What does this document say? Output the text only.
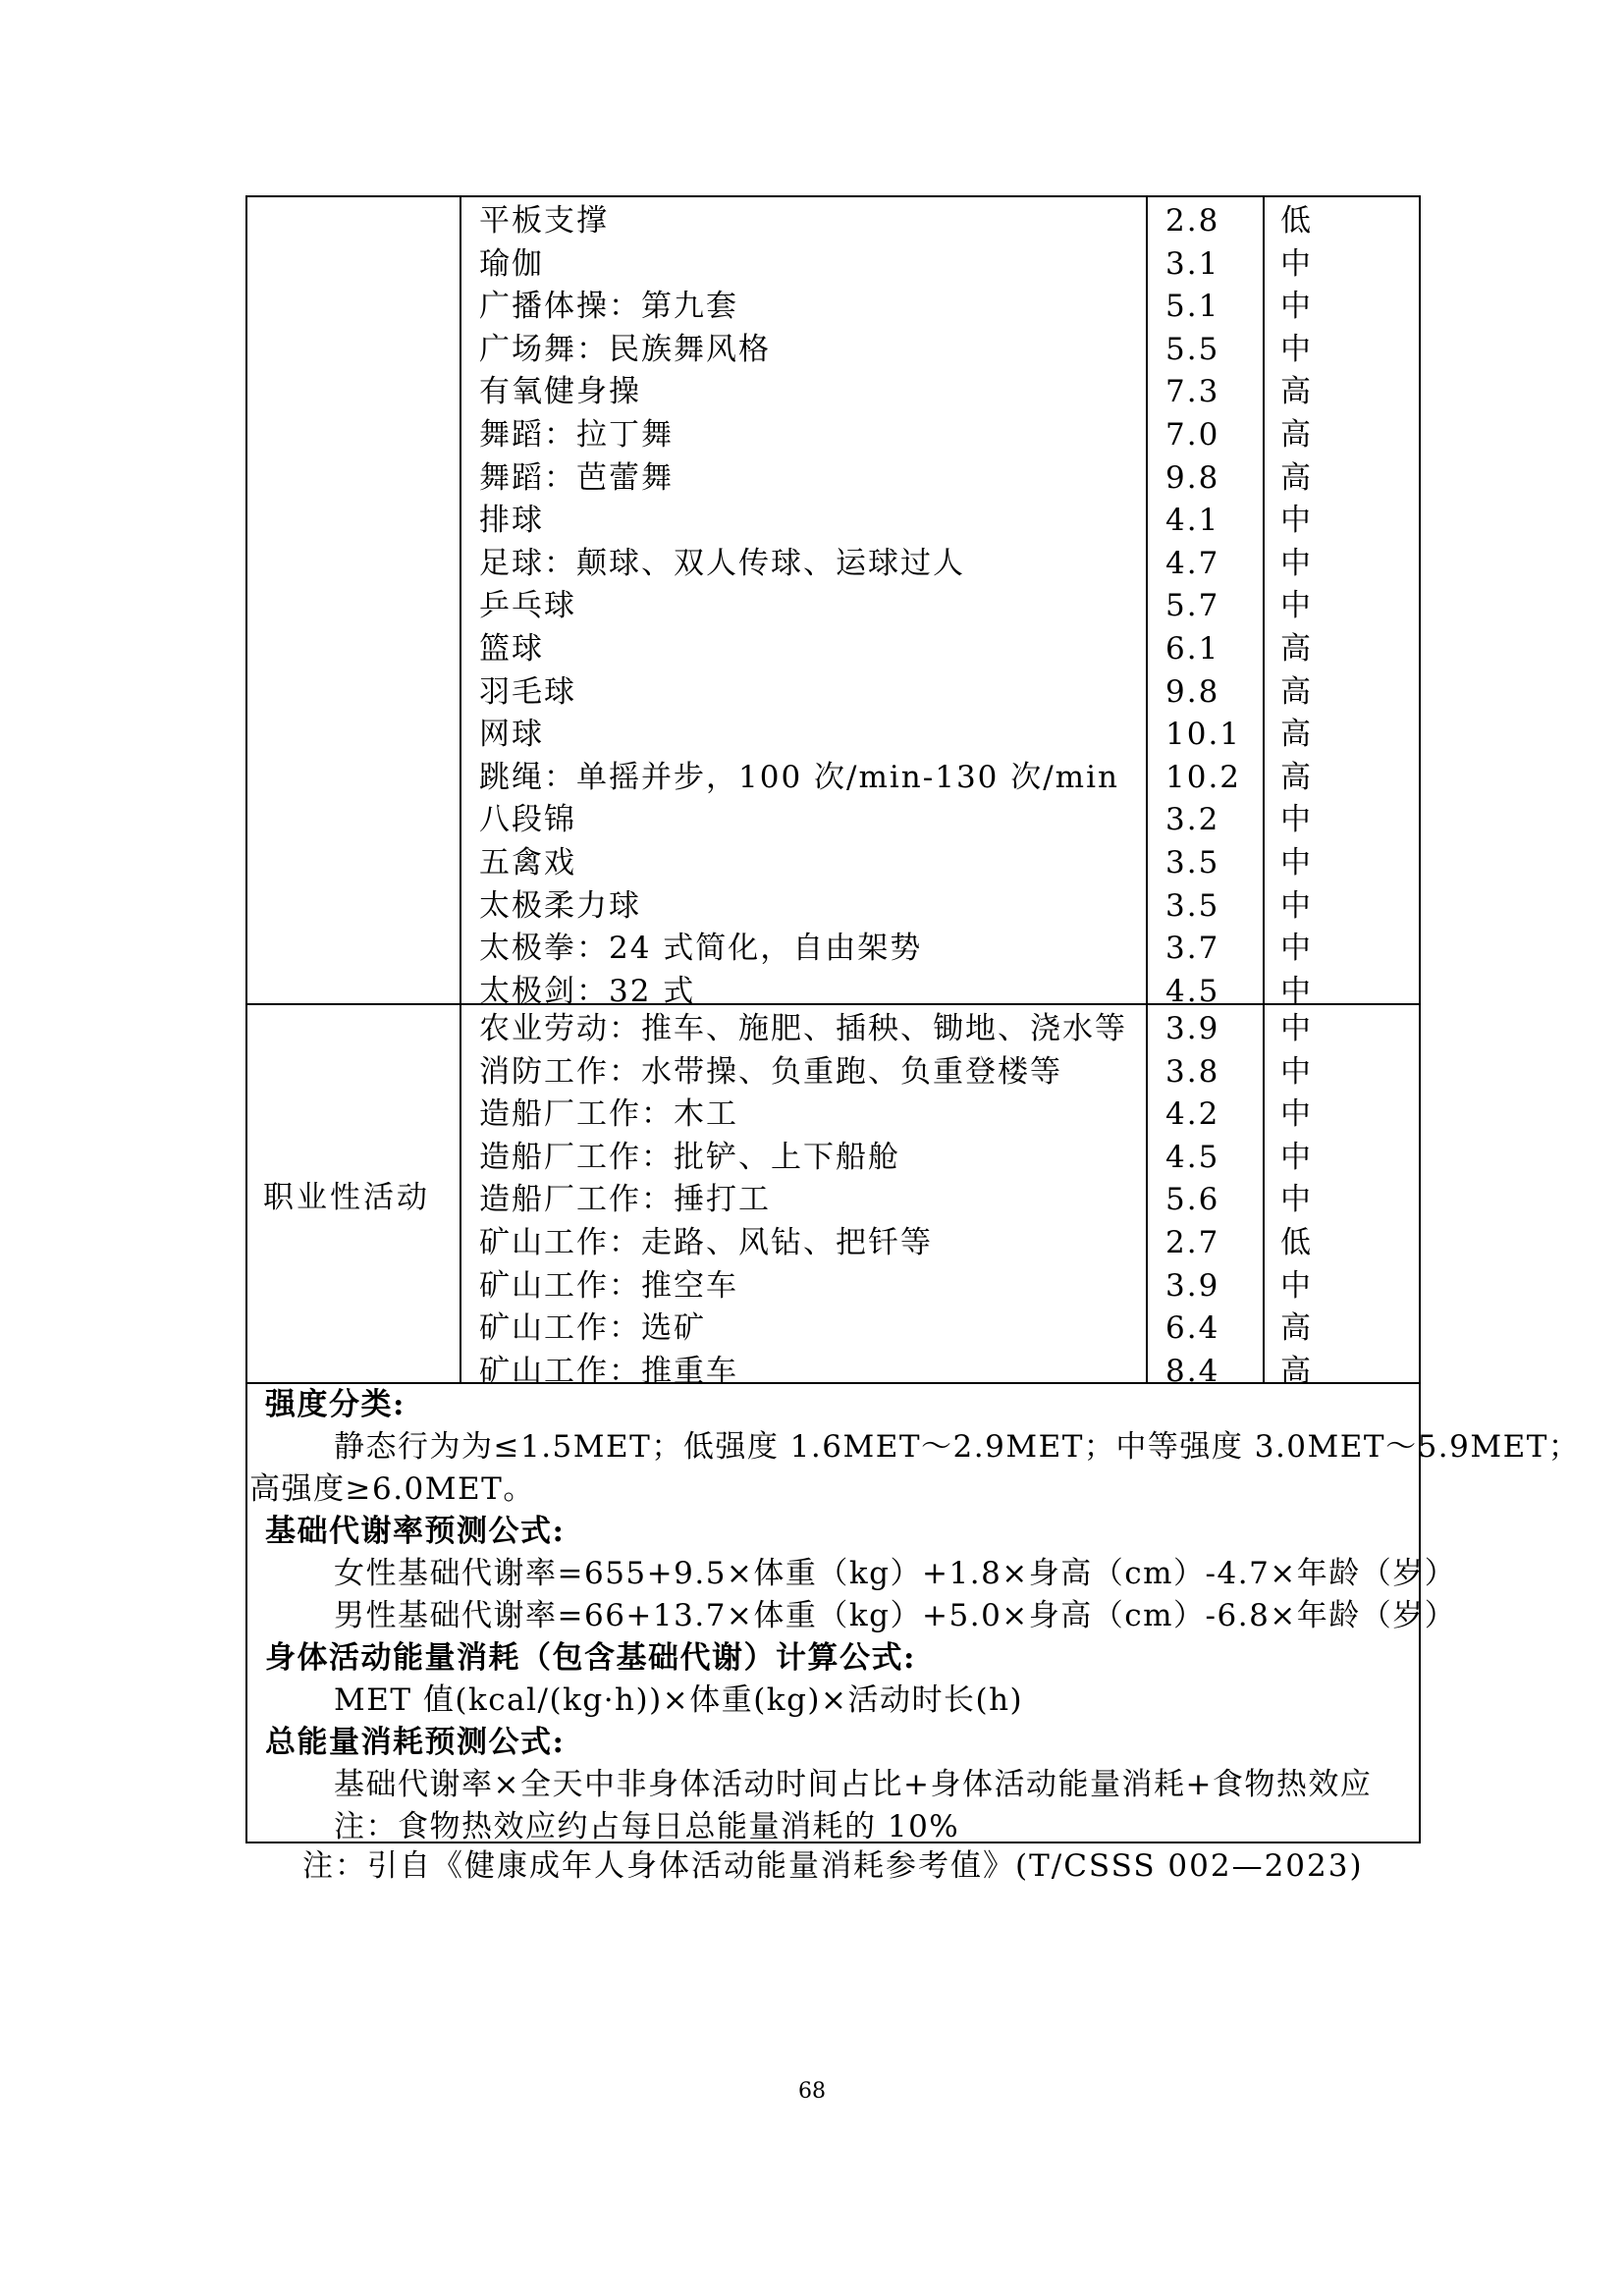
平板支撑	2.8 低
瑜伽	3.1 中
广播体操：第九套	5.1 中
广场舞：民族舞风格	5.5 中
有氧健身操	7.3 高
舞蹈：拉丁舞	7.0 高
舞蹈：芭蕾舞	9.8 高
排球	4.1 中
足球：颠球、双人传球、运球过人	4.7 中
乒乓球	5.7 中
篮球	6.1 高
羽毛球	9.8 高
网球	10.1 高
跳绳：单摇并步，100 次/min-130 次/min 10.2 高
八段锦	3.2 中
五禽戏	3.5 中
太极柔力球	3.5 中
太极拳：24 式简化，自由架势	3.7 中
太极剑：32 式	4.5 中
农业劳动：推车、施肥、插秧、锄地、浇水等 3.9 中
消防工作：水带操、负重跑、负重登楼等	3.8 中
造船厂工作：木工	4.2 中
造船厂工作：批铲、上下船舱	4.5 中
造船厂工作：捶打工	5.6 中
矿山工作：走路、风钻、把钎等	2.7 低
矿山工作：推空车	3.9 中
矿山工作：选矿	6.4 高
矿山工作：推重车	8.4 高
职业性活动
强度分类:
静态行为为≤1.5MET；低强度 1.6MET～2.9MET；中等强度 3.0MET～5.9MET；
高强度≥6.0MET。
基础代谢率预测公式:
女性基础代谢率=655+9.5×体重（kg）+1.8×身高（cm）-4.7×年龄（岁）
男性基础代谢率=66+13.7×体重（kg）+5.0×身高（cm）-6.8×年龄（岁）
身体活动能量消耗（包含基础代谢）计算公式:
MET 值(kcal/(kg·h))×体重(kg)×活动时长(h)
总能量消耗预测公式:
基础代谢率×全天中非身体活动时间占比+身体活动能量消耗+食物热效应
注：食物热效应约占每日总能量消耗的 10%
注：引自《健康成年人身体活动能量消耗参考值》(T/CSSS 002—2023)
68
